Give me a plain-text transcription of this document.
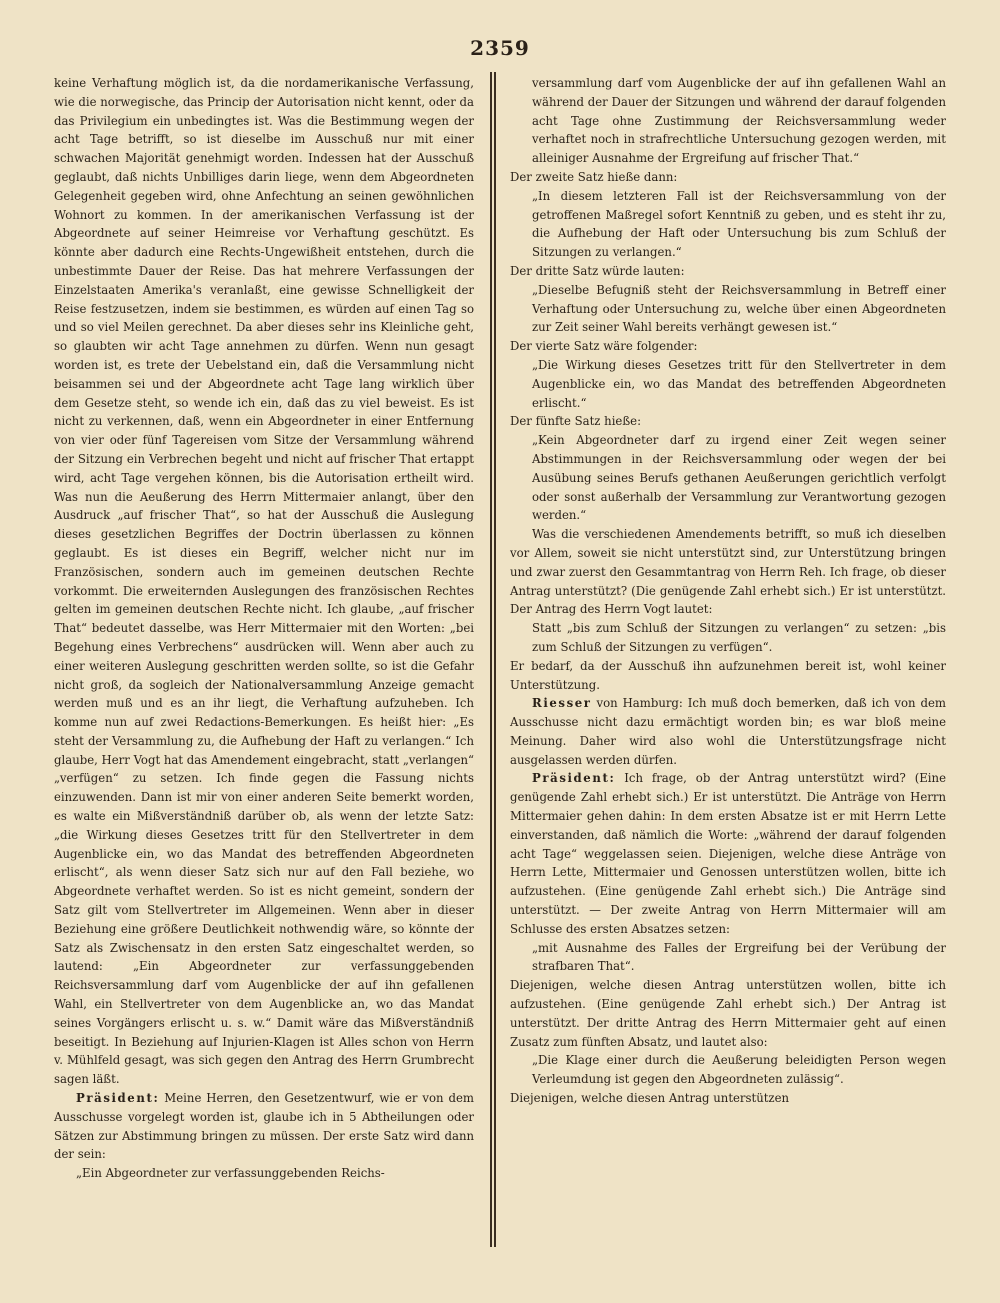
2359

keine Verhaftung möglich ist, da die nordamerikanische Verfassung, wie die norwegische, das Princip der Autorisation nicht kennt, oder da das Privilegium ein unbedingtes ist. Was die Bestimmung wegen der acht Tage betrifft, so ist dieselbe im Ausschuß nur mit einer schwachen Majorität genehmigt worden. Indessen hat der Ausschuß geglaubt, daß nichts Unbilliges darin liege, wenn dem Abgeordneten Gelegenheit gegeben wird, ohne Anfechtung an seinen gewöhnlichen Wohnort zu kommen. In der amerikanischen Verfassung ist der Abgeordnete auf seiner Heimreise vor Verhaftung geschützt. Es könnte aber dadurch eine Rechts-Ungewißheit entstehen, durch die unbestimmte Dauer der Reise. Das hat mehrere Verfassungen der Einzelstaaten Amerika's veranlaßt, eine gewisse Schnelligkeit der Reise festzusetzen, indem sie bestimmen, es würden auf einen Tag so und so viel Meilen gerechnet. Da aber dieses sehr ins Kleinliche geht, so glaubten wir acht Tage annehmen zu dürfen. Wenn nun gesagt worden ist, es trete der Uebelstand ein, daß die Versammlung nicht beisammen sei und der Abgeordnete acht Tage lang wirklich über dem Gesetze steht, so wende ich ein, daß das zu viel beweist. Es ist nicht zu verkennen, daß, wenn ein Abgeordneter in einer Entfernung von vier oder fünf Tagereisen vom Sitze der Versammlung während der Sitzung ein Verbrechen begeht und nicht auf frischer That ertappt wird, acht Tage vergehen können, bis die Autorisation ertheilt wird. Was nun die Aeußerung des Herrn Mittermaier anlangt, über den Ausdruck „auf frischer That“, so hat der Ausschuß die Auslegung dieses gesetzlichen Begriffes der Doctrin überlassen zu können geglaubt. Es ist dieses ein Begriff, welcher nicht nur im Französischen, sondern auch im gemeinen deutschen Rechte vorkommt. Die erweiternden Auslegungen des französischen Rechtes gelten im gemeinen deutschen Rechte nicht. Ich glaube, „auf frischer That“ bedeutet dasselbe, was Herr Mittermaier mit den Worten: „bei Begehung eines Verbrechens“ ausdrücken will. Wenn aber auch zu einer weiteren Auslegung geschritten werden sollte, so ist die Gefahr nicht groß, da sogleich der Nationalversammlung Anzeige gemacht werden muß und es an ihr liegt, die Verhaftung aufzuheben. Ich komme nun auf zwei Redactions-Bemerkungen. Es heißt hier: „Es steht der Versammlung zu, die Aufhebung der Haft zu verlangen.“ Ich glaube, Herr Vogt hat das Amendement eingebracht, statt „verlangen“ „verfügen“ zu setzen. Ich finde gegen die Fassung nichts einzuwenden. Dann ist mir von einer anderen Seite bemerkt worden, es walte ein Mißverständniß darüber ob, als wenn der letzte Satz: „die Wirkung dieses Gesetzes tritt für den Stellvertreter in dem Augenblicke ein, wo das Mandat des betreffenden Abgeordneten erlischt“, als wenn dieser Satz sich nur auf den Fall beziehe, wo Abgeordnete verhaftet werden. So ist es nicht gemeint, sondern der Satz gilt vom Stellvertreter im Allgemeinen. Wenn aber in dieser Beziehung eine größere Deutlichkeit nothwendig wäre, so könnte der Satz als Zwischensatz in den ersten Satz eingeschaltet werden, so lautend: „Ein Abgeordneter zur verfassunggebenden Reichsversammlung darf vom Augenblicke der auf ihn gefallenen Wahl, ein Stellvertreter von dem Augenblicke an, wo das Mandat seines Vorgängers erlischt u. s. w.“ Damit wäre das Mißverständniß beseitigt. In Beziehung auf Injurien-Klagen ist Alles schon von Herrn v. Mühlfeld gesagt, was sich gegen den Antrag des Herrn Grumbrecht sagen läßt.

Präsident: Meine Herren, den Gesetzentwurf, wie er von dem Ausschusse vorgelegt worden ist, glaube ich in 5 Abtheilungen oder Sätzen zur Abstimmung bringen zu müssen. Der erste Satz wird dann der sein:

„Ein Abgeordneter zur verfassunggebenden Reichs-

versammlung darf vom Augenblicke der auf ihn gefallenen Wahl an während der Dauer der Sitzungen und während der darauf folgenden acht Tage ohne Zustimmung der Reichsversammlung weder verhaftet noch in strafrechtliche Untersuchung gezogen werden, mit alleiniger Ausnahme der Ergreifung auf frischer That.“

Der zweite Satz hieße dann:

„In diesem letzteren Fall ist der Reichsversammlung von der getroffenen Maßregel sofort Kenntniß zu geben, und es steht ihr zu, die Aufhebung der Haft oder Untersuchung bis zum Schluß der Sitzungen zu verlangen.“

Der dritte Satz würde lauten:

„Dieselbe Befugniß steht der Reichsversammlung in Betreff einer Verhaftung oder Untersuchung zu, welche über einen Abgeordneten zur Zeit seiner Wahl bereits verhängt gewesen ist.“

Der vierte Satz wäre folgender:

„Die Wirkung dieses Gesetzes tritt für den Stellvertreter in dem Augenblicke ein, wo das Mandat des betreffenden Abgeordneten erlischt.“

Der fünfte Satz hieße:

„Kein Abgeordneter darf zu irgend einer Zeit wegen seiner Abstimmungen in der Reichsversammlung oder wegen der bei Ausübung seines Berufs gethanen Aeußerungen gerichtlich verfolgt oder sonst außerhalb der Versammlung zur Verantwortung gezogen werden.“

Was die verschiedenen Amendements betrifft, so muß ich dieselben vor Allem, soweit sie nicht unterstützt sind, zur Unterstützung bringen und zwar zuerst den Gesammtantrag von Herrn Reh. Ich frage, ob dieser Antrag unterstützt? (Die genügende Zahl erhebt sich.) Er ist unterstützt. Der Antrag des Herrn Vogt lautet:

Statt „bis zum Schluß der Sitzungen zu verlangen“ zu setzen: „bis zum Schluß der Sitzungen zu verfügen“.

Er bedarf, da der Ausschuß ihn aufzunehmen bereit ist, wohl keiner Unterstützung.

Riesser von Hamburg: Ich muß doch bemerken, daß ich von dem Ausschusse nicht dazu ermächtigt worden bin; es war bloß meine Meinung. Daher wird also wohl die Unterstützungsfrage nicht ausgelassen werden dürfen.

Präsident: Ich frage, ob der Antrag unterstützt wird? (Eine genügende Zahl erhebt sich.) Er ist unterstützt. Die Anträge von Herrn Mittermaier gehen dahin: In dem ersten Absatze ist er mit Herrn Lette einverstanden, daß nämlich die Worte: „während der darauf folgenden acht Tage“ weggelassen seien. Diejenigen, welche diese Anträge von Herrn Lette, Mittermaier und Genossen unterstützen wollen, bitte ich aufzustehen. (Eine genügende Zahl erhebt sich.) Die Anträge sind unterstützt. — Der zweite Antrag von Herrn Mittermaier will am Schlusse des ersten Absatzes setzen:

„mit Ausnahme des Falles der Ergreifung bei der Verübung der strafbaren That“.

Diejenigen, welche diesen Antrag unterstützen wollen, bitte ich aufzustehen. (Eine genügende Zahl erhebt sich.) Der Antrag ist unterstützt. Der dritte Antrag des Herrn Mittermaier geht auf einen Zusatz zum fünften Absatz, und lautet also:

„Die Klage einer durch die Aeußerung beleidigten Person wegen Verleumdung ist gegen den Abgeordneten zulässig“.

Diejenigen, welche diesen Antrag unterstützen
